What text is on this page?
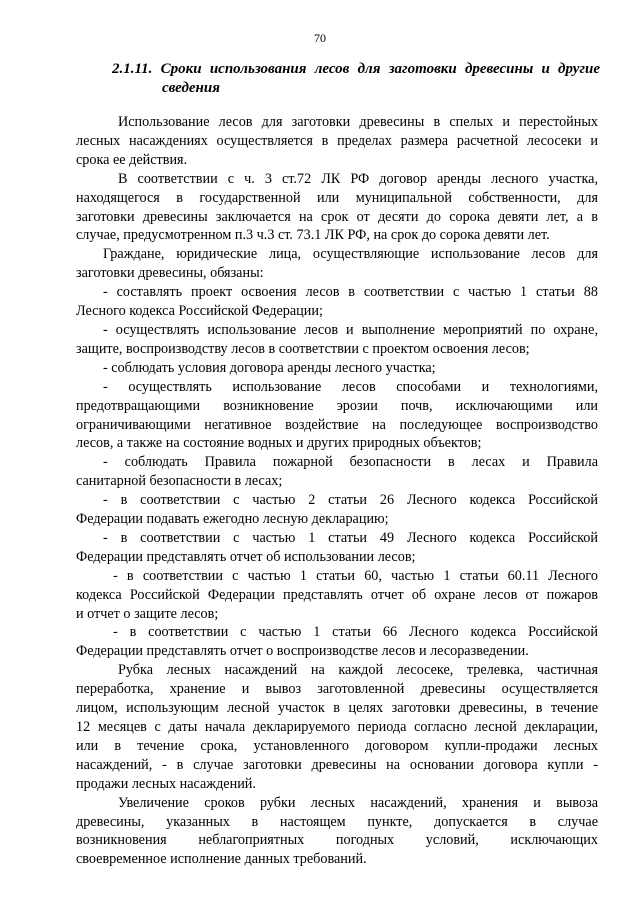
70
2.1.11. Сроки использования лесов для заготовки древесины и другие
сведения

Использование лесов для заготовки древесины в спелых и перестойных
лесных насаждениях осуществляется в пределах размера расчетной лесосеки и
срока ее действия.

В соответствии с ч. 3 ст.72 ЛК РФ договор аренды лесного участка,
находящегося в государственной или муниципальной собственности, для
заготовки древесины заключается на срок от десяти до сорока девяти лет, а в
случае, предусмотренном п.3 ч.3 ст. 73.1 ЛК РФ, на срок до сорока девяти лет.

Граждане, юридические лица, осуществляющие использование лесов для
заготовки древесины, обязаны:

- составлять проект освоения лесов в соответствии с частью 1 статьи 88
Лесного кодекса Российской Федерации;

- осуществлять использование лесов и выполнение мероприятий по охране,
защите, воспроизводству лесов в соответствии с проектом освоения лесов;

- соблюдать условия договора аренды лесного участка;

- осуществлять использование лесов способами и технологиями,
предотвращающими возникновение эрозии почв, исключающими или
ограничивающими негативное воздействие на последующее воспроизводство
лесов, а также на состояние водных и других природных объектов;

- соблюдать Правила пожарной безопасности в лесах и Правила
санитарной безопасности в лесах;

- в соответствии с частью 2 статьи 26 Лесного кодекса Российской
Федерации подавать ежегодно лесную декларацию;

- в соответствии с частью 1 статьи 49 Лесного кодекса Российской
Федерации представлять отчет об использовании лесов;

- в соответствии с частью 1 статьи 60, частью 1 статьи 60.11 Лесного
кодекса Российской Федерации представлять отчет об охране лесов от пожаров
и отчет о защите лесов;

- в соответствии с частью 1 статьи 66 Лесного кодекса Российской
Федерации представлять отчет о воспроизводстве лесов и лесоразведении.

Рубка лесных насаждений на каждой лесосеке, трелевка, частичная
переработка, хранение и вывоз заготовленной древесины осуществляется
лицом, использующим лесной участок в целях заготовки древесины, в течение
12 месяцев с даты начала декларируемого периода согласно лесной декларации,
или в течение срока, установленного договором купли-продажи лесных
насаждений, - в случае заготовки древесины на основании договора купли -
продажи лесных насаждений.

Увеличение сроков рубки лесных насаждений, хранения и вывоза
древесины, указанных в настоящем пункте, допускается в случае
возникновения неблагоприятных погодных условий, исключающих
своевременное исполнение данных требований.
